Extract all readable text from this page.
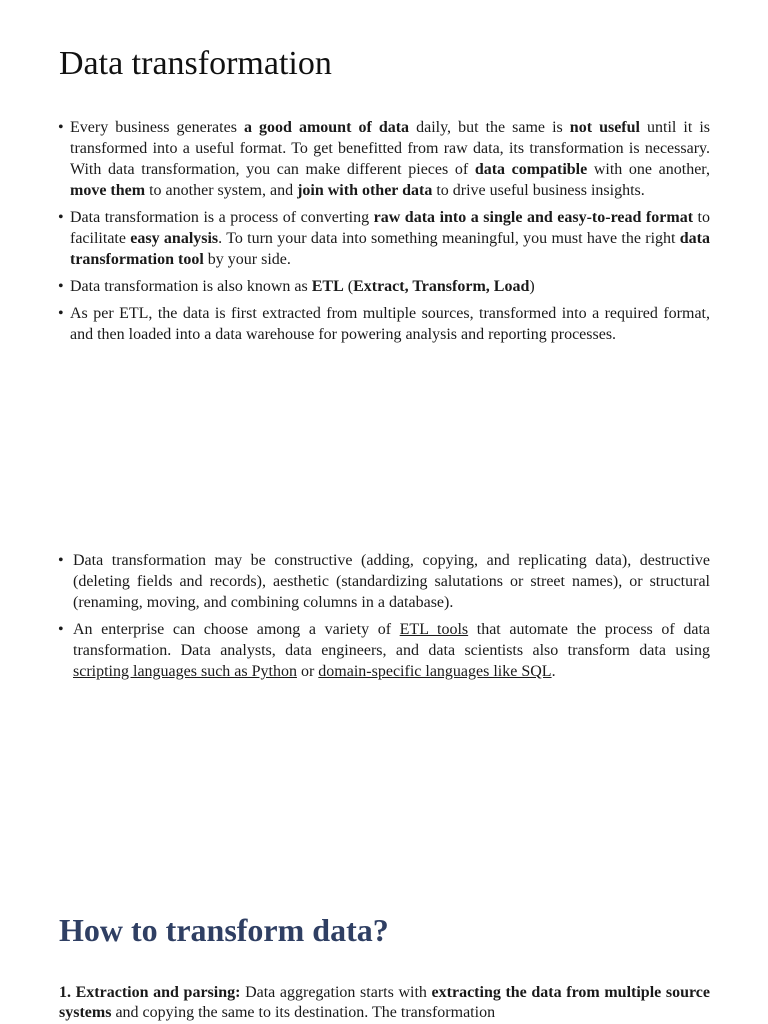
Data transformation
• Every business generates a good amount of data daily, but the same is not useful until it is transformed into a useful format. To get benefitted from raw data, its transformation is necessary. With data transformation, you can make different pieces of data compatible with one another, move them to another system, and join with other data to drive useful business insights.
• Data transformation is a process of converting raw data into a single and easy-to-read format to facilitate easy analysis. To turn your data into something meaningful, you must have the right data transformation tool by your side.
• Data transformation is also known as ETL (Extract, Transform, Load)
• As per ETL, the data is first extracted from multiple sources, transformed into a required format, and then loaded into a data warehouse for powering analysis and reporting processes.
• Data transformation may be constructive (adding, copying, and replicating data), destructive (deleting fields and records), aesthetic (standardizing salutations or street names), or structural (renaming, moving, and combining columns in a database).
• An enterprise can choose among a variety of ETL tools that automate the process of data transformation. Data analysts, data engineers, and data scientists also transform data using scripting languages such as Python or domain-specific languages like SQL.
How to transform data?

1. Extraction and parsing: Data aggregation starts with extracting the data from multiple source systems and copying the same to its destination. The transformation
